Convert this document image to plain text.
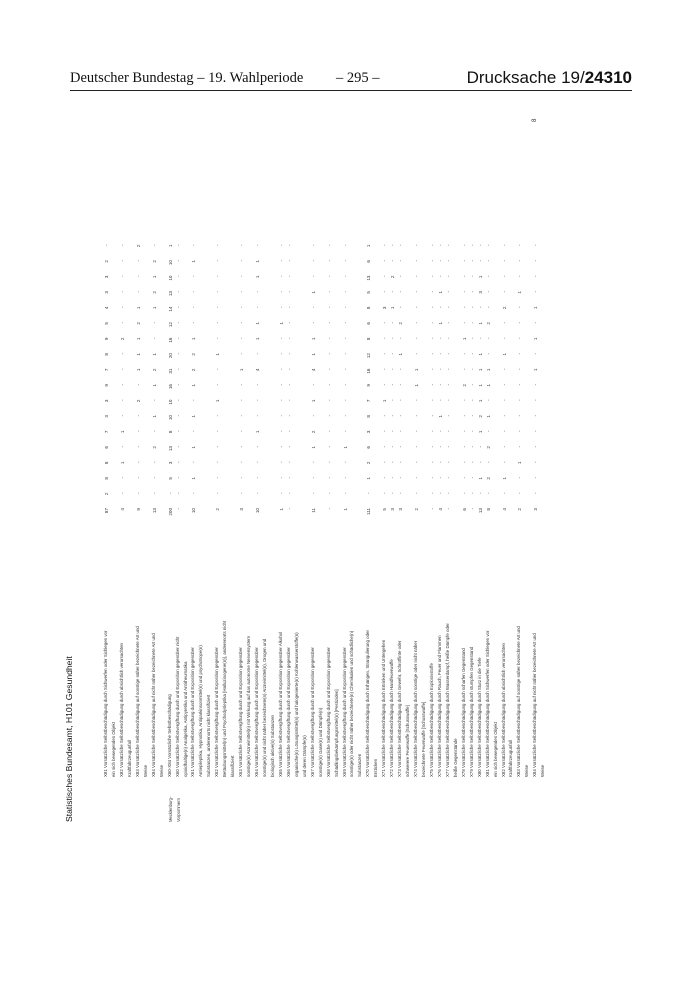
Deutscher Bundestag – 19. Wahlperiode – 295 –	Drucksache 19/24310
Statistisches Bundesamt, H101 Gesundheit	X81 Vorsätzliche Selbstbeschädigung durch Sichwerfen oder Sichlegen vor
87
2
8
8
6
7
3
3
9
7
8
9
5
4
3
3
2
-
ein sich bewegendes Objekt X82 Vorsätzliche Selbstbeschädigung durch absichtlich verursachten
4
-
-
1
-
1
-
-
-
-
-
2
-
-
-
-
-
-
Kraftfahrzeugunfall X83 Vorsätzliche Selbstbeschädigung auf sonstige näher bezeichnete Art und
9
-
-
-
-
-
-
2
-
1
1
1
2
1
-
-
-
2
Weise X84 Vorsätzliche Selbstbeschädigung auf nicht näher bezeichnete Art und
13
-
-
-
2
-
1
-
1
2
1
-
-
1
2
1
2
-
Weise
Mecklenburg-
X60-X84 Vorsätzliche Selbstbeschädigung
200
-
5
3
13
8
10
10
16
31
20
16
12
14
13
10
10
1
Vorpommern
X60 Vorsätzliche Selbstvergiftung durch und Exposition gegenüber nicht
-
-
-
-
-
-
-
-
-
-
-
-
-
-
-
-
-
-
opioidhaltige(n) Analgetika, Antipyretika und Antirheumatika X61 Vorsätzliche Selbstvergiftung durch und Exposition gegenüber
10
-
1
-
1
-
1
-
1
2
2
1
-
-
-
-
1
-
Antiepileptika, Hypnotika, Antiparkinsonmittel(n) und psychotrope(n) Substanzen, anderenorts nicht klassifiziert X62 Vorsätzliche Selbstvergiftung durch und Exposition gegenüber
2
-
-
-
-
-
-
1
-
-
1
-
-
-
-
-
-
-
Betäubungsmittel(n) und Psychodysleptika [Halluzinogene(n)], anderenorts nicht klassifiziert X63 Vorsätzliche Selbstvergiftung durch und Exposition gegenüber
3
-
-
-
-
-
-
-
-
1
-
-
-
-
-
-
-
-
sonstige(n) Arzneimittel(n) mit Wirkung auf das autonome Nervensystem X64 Vorsätzliche Selbstvergiftung durch und Exposition gegenüber
10
-
-
-
-
1
-
-
-
4
-
1
1
-
-
1
1
-
sonstige(n) und nicht näher bezeichnete(n) Arzneimittel(n), Drogen und biologisch aktive(n) Substanzen X65 Vorsätzliche Selbstvergiftung durch und Exposition gegenüber Alkohol
1
-
-
-
-
-
-
-
-
-
-
-
1
-
-
-
-
-
X66 Vorsätzliche Selbstvergiftung durch und Exposition gegenüber
-
-
-
-
-
-
-
-
-
-
-
-
-
-
-
-
-
-
organische(n) Lösungsmittel(n) und halogenierte(n) Kohlenwasserstoffe(n) und deren Dämpfe(n) X67 Vorsätzliche Selbstvergiftung durch und Exposition gegenüber
11
-
-
-
1
2
-
1
-
4
1
1
-
-
1
-
-
-
sonstige(n) Gase(n) und Dämpfe(n) X68 Vorsätzliche Selbstvergiftung durch und Exposition gegenüber
-
-
-
-
-
-
-
-
-
-
-
-
-
-
-
-
-
-
Schädlingsbekämpfungsmittel(n) [Pestiziden] X69 Vorsätzliche Selbstvergiftung durch und Exposition gegenüber
1
-
-
-
1
-
-
-
-
-
-
-
-
-
-
-
-
-
sonstige(n) oder nicht näher bezeichnete(n) Chemikalien und schädliche(n) Substanzen X70 Vorsätzliche Selbstbeschädigung durch Erhängen, Strangulierung oder
111
-
1
2
6
3
8
7
9
16
12
8
6
8
5
13
6
1
Ersticken X71 Vorsätzliche Selbstbeschädigung durch Ertrinken und Untergehen
5
-
-
-
-
-
-
1
-
-
-
-
-
3
-
-
-
-
X72 Vorsätzliche Selbstbeschädigung durch Handfeuerwaffe
3
-
-
-
-
-
-
-
-
-
-
-
-
1
-
2
-
-
X73 Vorsätzliche Selbstbeschädigung durch Gewehr, Schrotflinte oder
3
-
-
-
-
-
-
-
-
-
1
-
2
-
-
-
-
-
schwerere Feuerwaffe [Schusswaffe] X74 Vorsätzliche Selbstbeschädigung durch sonstige oder nicht näher
2
-
-
-
-
-
-
-
1
1
-
-
-
-
-
-
-
-
bezeichnete Feuerwaffe [Schusswaffe] X75 Vorsätzliche Selbstbeschädigung durch Explosivstoffe
-
-
-
-
-
-
-
-
-
-
-
-
-
-
-
-
-
-
X76 Vorsätzliche Selbstbeschädigung durch Rauch, Feuer und Flammen
4
-
-
-
-
-
1
-
-
-
-
-
1
-
1
-
-
-
X77 Vorsätzliche Selbstbeschädigung durch Wasserdampf, heiße Dämpfe oder
-
-
-
-
-
-
-
-
-
-
-
-
-
-
-
-
-
-
heiße Gegenstände X78 Vorsätzliche Selbstbeschädigung durch scharfen Gegenstand
6
-
-
-
-
-
-
-
2
-
-
1
-
-
-
-
-
-
X79 Vorsätzliche Selbstbeschädigung durch stumpfen Gegenstand
-
-
-
-
-
-
-
-
-
-
-
-
-
-
-
-
-
-
X80 Vorsätzliche Selbstbeschädigung durch Sturz in die Tiefe
13
-
1
-
-
1
2
1
1
1
1
-
1
-
3
1
-
-
X81 Vorsätzliche Selbstbeschädigung durch Sichwerfen oder Sichlegen vor
8
-
2
-
2
-
1
-
1
1
-
-
2
-
-
-
-
-
ein sich bewegendes Objekt X82 Vorsätzliche Selbstbeschädigung durch absichtlich verursachten
4
-
1
-
-
-
-
-
-
-
1
-
-
2
-
-
-
-
Kraftfahrzeugunfall X83 Vorsätzliche Selbstbeschädigung auf sonstige näher bezeichnete Art und
2
-
-
1
-
-
-
-
-
-
-
-
-
-
1
-
-
-
Weise X84 Vorsätzliche Selbstbeschädigung auf nicht näher bezeichnete Art und
3
-
-
-
-
-
-
-
-
1
-
1
-
1
-
-
-
-
Weise
8
